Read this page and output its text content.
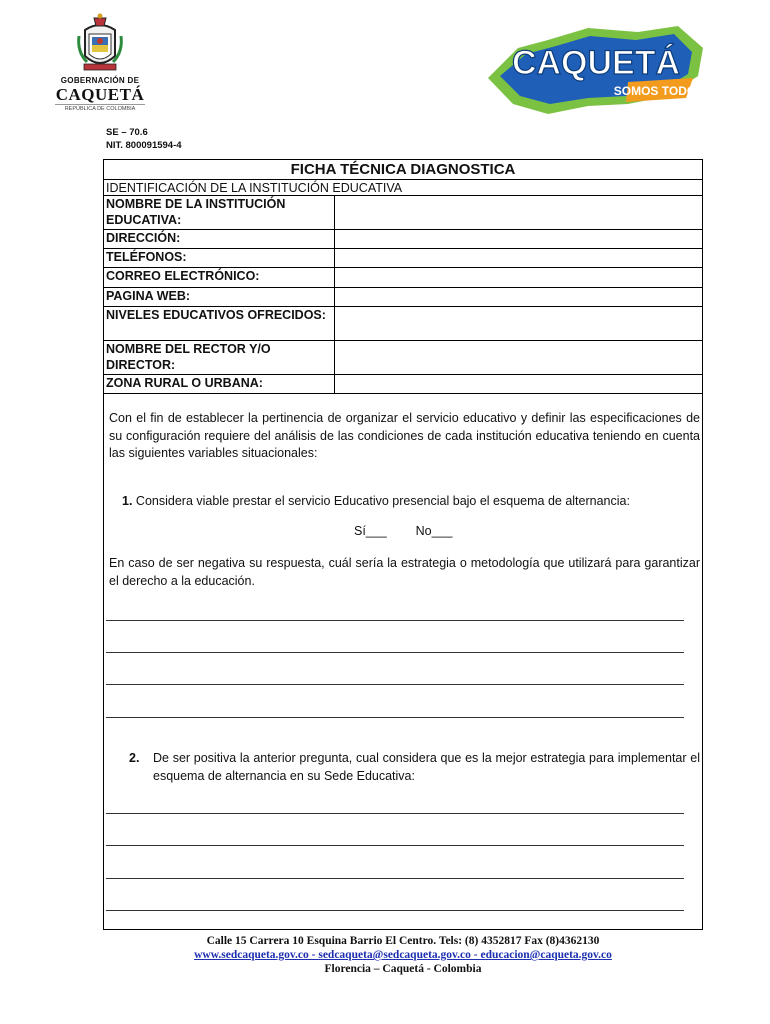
GOBERNACIÓN DE
CAQUETÁ
REPÚBLICA DE COLOMBIA
CAQUETÁ
SOMOS TODOS
SE – 70.6
NIT. 800091594-4
FICHA TÉCNICA DIAGNOSTICA
IDENTIFICACIÓN DE LA INSTITUCIÓN EDUCATIVA
NOMBRE DE LA INSTITUCIÓN EDUCATIVA:	
DIRECCIÓN:	
TELÉFONOS:	
CORREO ELECTRÓNICO:	
PAGINA WEB:	
NIVELES EDUCATIVOS OFRECIDOS:	
NOMBRE DEL RECTOR Y/O DIRECTOR:	
ZONA RURAL O URBANA:	
Con el fin de establecer la pertinencia de organizar el servicio educativo y definir las especificaciones de su configuración requiere del análisis de las condiciones de cada institución educativa teniendo en cuenta las siguientes variables situacionales:
1. Considera viable prestar el servicio Educativo presencial bajo el esquema de alternancia:
Sí___ No___
En caso de ser negativa su respuesta, cuál sería la estrategia o metodología que utilizará para garantizar el derecho a la educación.
2. De ser positiva la anterior pregunta, cual considera que es la mejor estrategia para implementar el esquema de alternancia en su Sede Educativa:
Calle 15 Carrera 10 Esquina Barrio El Centro. Tels: (8) 4352817 Fax (8)4362130
www.sedcaqueta.gov.co - sedcaqueta@sedcaqueta.gov.co - educacion@caqueta.gov.co
Florencia – Caquetá - Colombia
